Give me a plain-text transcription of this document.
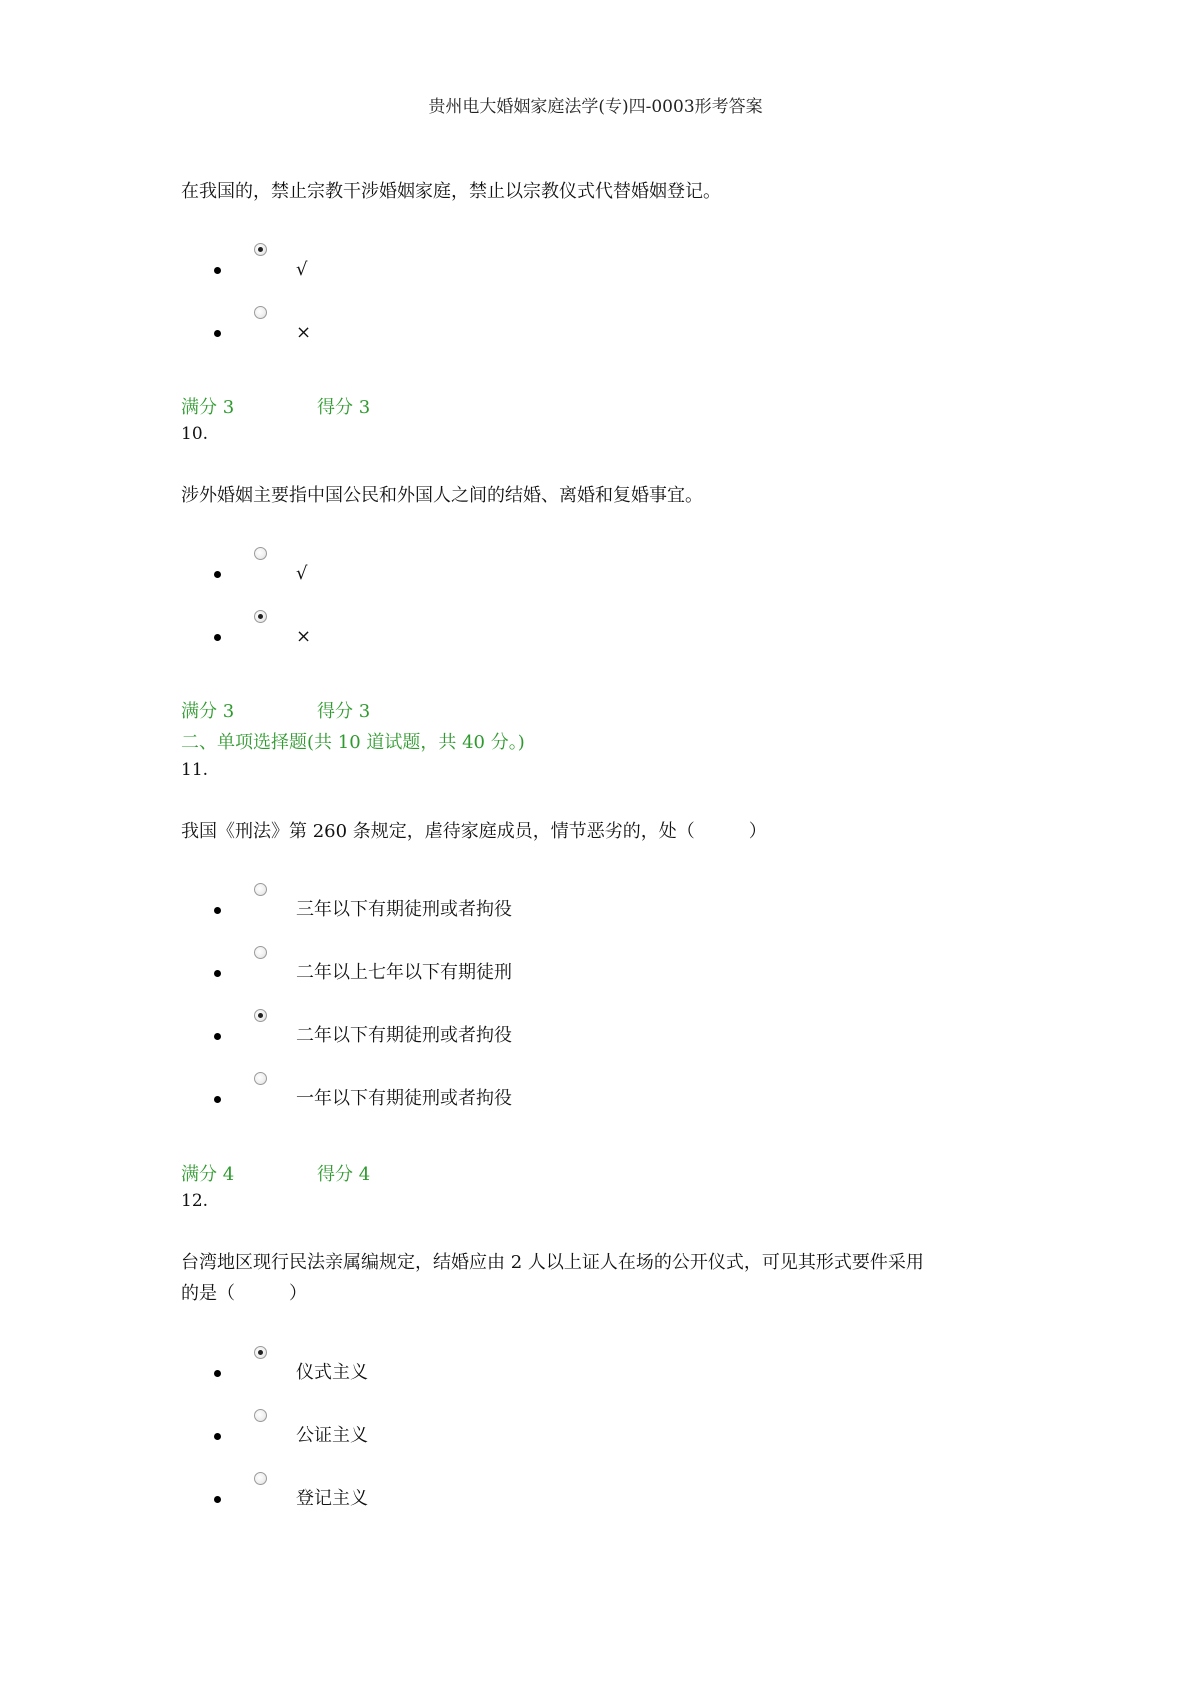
贵州电大婚姻家庭法学(专)四-0003形考答案
在我国的，禁止宗教干涉婚姻家庭，禁止以宗教仪式代替婚姻登记。
√
×
满分 3	得分 3
10.
涉外婚姻主要指中国公民和外国人之间的结婚、离婚和复婚事宜。
√
×
满分 3	得分 3
二、单项选择题(共 10 道试题，共 40 分。)
11.
我国《刑法》第 260 条规定，虐待家庭成员，情节恶劣的，处（　　　）
三年以下有期徒刑或者拘役
二年以上七年以下有期徒刑
二年以下有期徒刑或者拘役
一年以下有期徒刑或者拘役
满分 4	得分 4
12.
台湾地区现行民法亲属编规定，结婚应由 2 人以上证人在场的公开仪式，可见其形式要件采用
的是（　　　）
仪式主义
公证主义
登记主义
